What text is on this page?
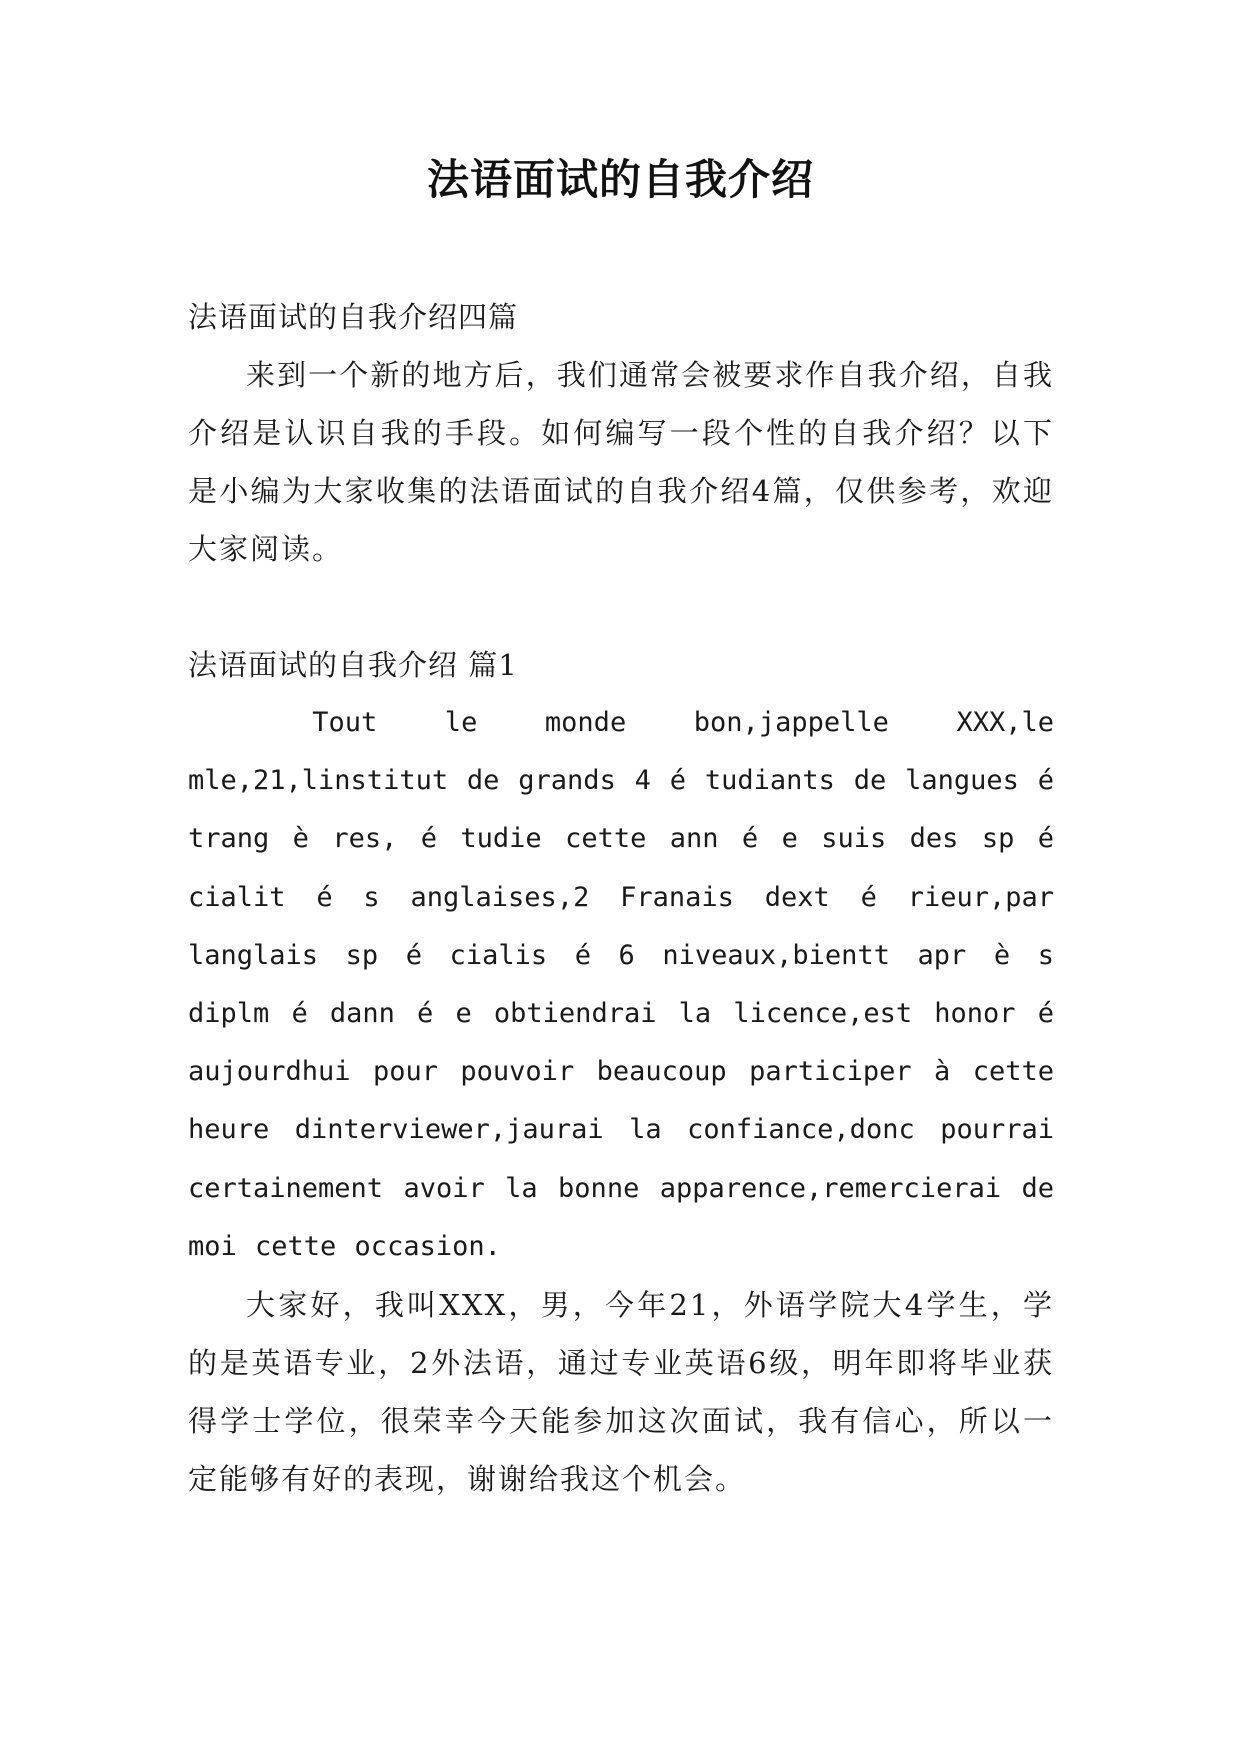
法语面试的自我介绍

法语面试的自我介绍四篇

来到一个新的地方后，我们通常会被要求作自我介绍，自我介绍是认识自我的手段。如何编写一段个性的自我介绍？以下是小编为大家收集的法语面试的自我介绍4篇，仅供参考，欢迎大家阅读。

法语面试的自我介绍 篇1

Tout le monde bon,jappelle XXX,le mle,21,linstitut de grands 4 é tudiants de langues é trang è res, é tudie cette ann é e suis des sp é cialit é s anglaises,2 Franais dext é rieur,par langlais sp é cialis é 6 niveaux,bientt apr è s diplm é dann é e obtiendrai la licence,est honor é aujourdhui pour pouvoir beaucoup participer à cette heure dinterviewer,jaurai la confiance,donc pourrai certainement avoir la bonne apparence,remercierai de moi cette occasion.

大家好，我叫XXX，男，今年21，外语学院大4学生，学的是英语专业，2外法语，通过专业英语6级，明年即将毕业获得学士学位，很荣幸今天能参加这次面试，我有信心，所以一定能够有好的表现，谢谢给我这个机会。
